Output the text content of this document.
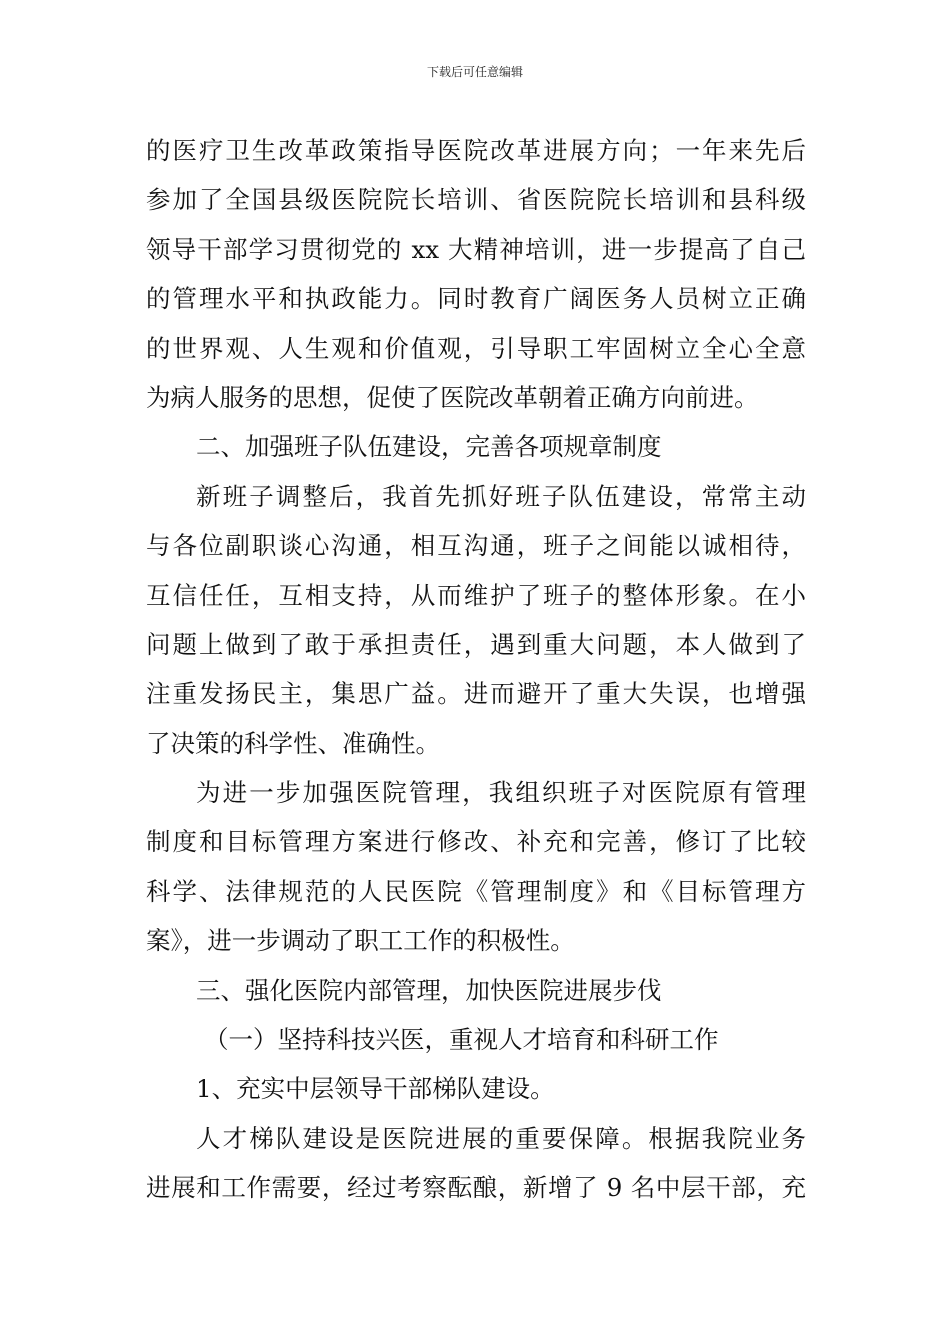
下载后可任意编辑
的医疗卫生改革政策指导医院改革进展方向；一年来先后
参加了全国县级医院院长培训、省医院院长培训和县科级
领导干部学习贯彻党的 xx 大精神培训，进一步提高了自己
的管理水平和执政能力。同时教育广阔医务人员树立正确
的世界观、人生观和价值观，引导职工牢固树立全心全意
为病人服务的思想，促使了医院改革朝着正确方向前进。
二、加强班子队伍建设，完善各项规章制度
新班子调整后，我首先抓好班子队伍建设，常常主动
与各位副职谈心沟通，相互沟通，班子之间能以诚相待，
互信任任，互相支持，从而维护了班子的整体形象。在小
问题上做到了敢于承担责任，遇到重大问题，本人做到了
注重发扬民主，集思广益。进而避开了重大失误，也增强
了决策的科学性、准确性。
为进一步加强医院管理，我组织班子对医院原有管理
制度和目标管理方案进行修改、补充和完善，修订了比较
科学、法律规范的人民医院《管理制度》和《目标管理方
案》，进一步调动了职工工作的积极性。
三、强化医院内部管理，加快医院进展步伐
（一）坚持科技兴医，重视人才培育和科研工作
1、充实中层领导干部梯队建设。
人才梯队建设是医院进展的重要保障。根据我院业务
进展和工作需要，经过考察酝酿，新增了 9 名中层干部，充
